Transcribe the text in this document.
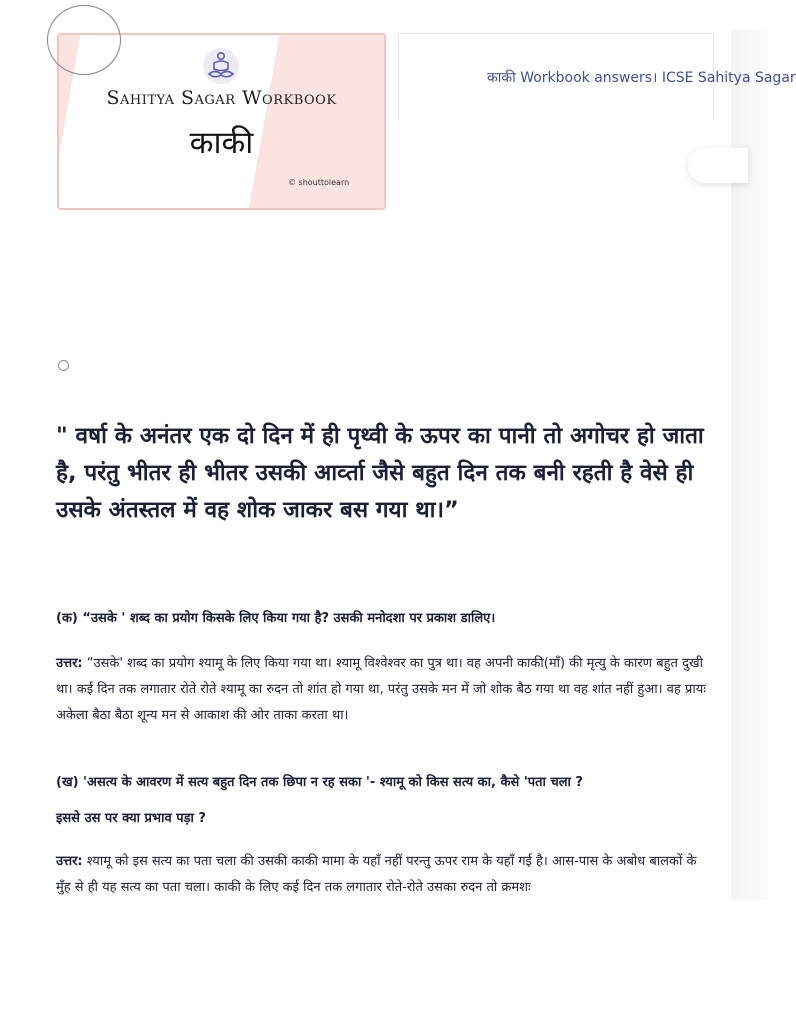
Sahitya Sagar Workbook
काकी
© shouttolearn
काकी Workbook answers। ICSE Sahitya Sagar
" वर्षा के अनंतर एक दो दिन में ही पृथ्वी के ऊपर का पानी तो अगोचर हो जाता है, परंतु भीतर ही भीतर उसकी आर्व्ता जैसे बहुत दिन तक बनी रहती है वेसे ही उसके अंतस्तल में वह शोक जाकर बस गया था।”
(क) “उसके ' शब्द का प्रयोग किसके लिए किया गया है? उसकी मनोदशा पर प्रकाश डालिए।
उत्तर: “उसके' शब्द का प्रयोग श्यामू के लिए किया गया था। श्यामू विश्वेश्वर का पुत्र था। वह अपनी काकी(माँ) की मृत्यु के कारण बहुत दुखी था। कई दिन तक लगातार रोते रोते श्यामू का रुदन तो शांत हो गया था, परंतु उसके मन में जो शोक बैठ गया था वह शांत नहीं हुआ। वह प्रायः अकेला बैठा बैठा शून्य मन से आकाश की ओर ताका करता था।
(ख) 'असत्य के आवरण में सत्य बहुत दिन तक छिपा न रह सका '- श्यामू को किस सत्य का, कैसे 'पता चला ?
इससे उस पर क्या प्रभाव पड़ा ?
उत्तर: श्यामू को इस सत्य का पता चला की उसकी काकी मामा के यहाँ नहीं परन्तु ऊपर राम के यहाँ गई है। आस-पास के अबोध बालकों के मुँह से ही यह सत्य का पता चला। काकी के लिए कई दिन तक लगातार रोते-रोते उसका रुदन तो क्रमशः
